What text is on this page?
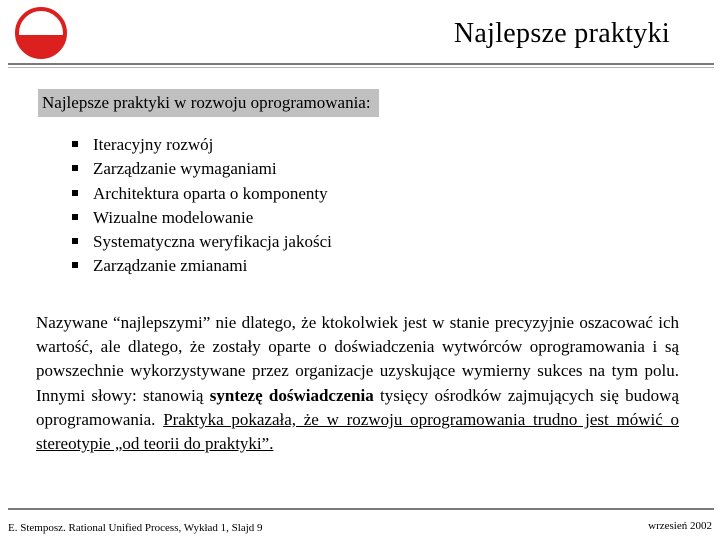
Najlepsze praktyki
Najlepsze praktyki w rozwoju oprogramowania:
Iteracyjny rozwój
Zarządzanie wymaganiami
Architektura oparta o komponenty
Wizualne modelowanie
Systematyczna weryfikacja jakości
Zarządzanie zmianami
Nazywane “najlepszymi” nie dlatego, że ktokolwiek jest w stanie precyzyjnie oszacować ich wartość, ale dlatego, że zostały oparte o doświadczenia wytwórców oprogramowania i są powszechnie wykorzystywane przez organizacje uzyskujące wymierny sukces na tym polu. Innymi słowy: stanowią syntezę doświadczenia tysięcy ośrodków zajmujących się budową oprogramowania. Praktyka pokazała, że w rozwoju oprogramowania trudno jest mówić o stereotypie „od teorii do praktyki”.
E. Stemposz. Rational Unified Process, Wykład 1, Slajd 9	wrzesień 2002
